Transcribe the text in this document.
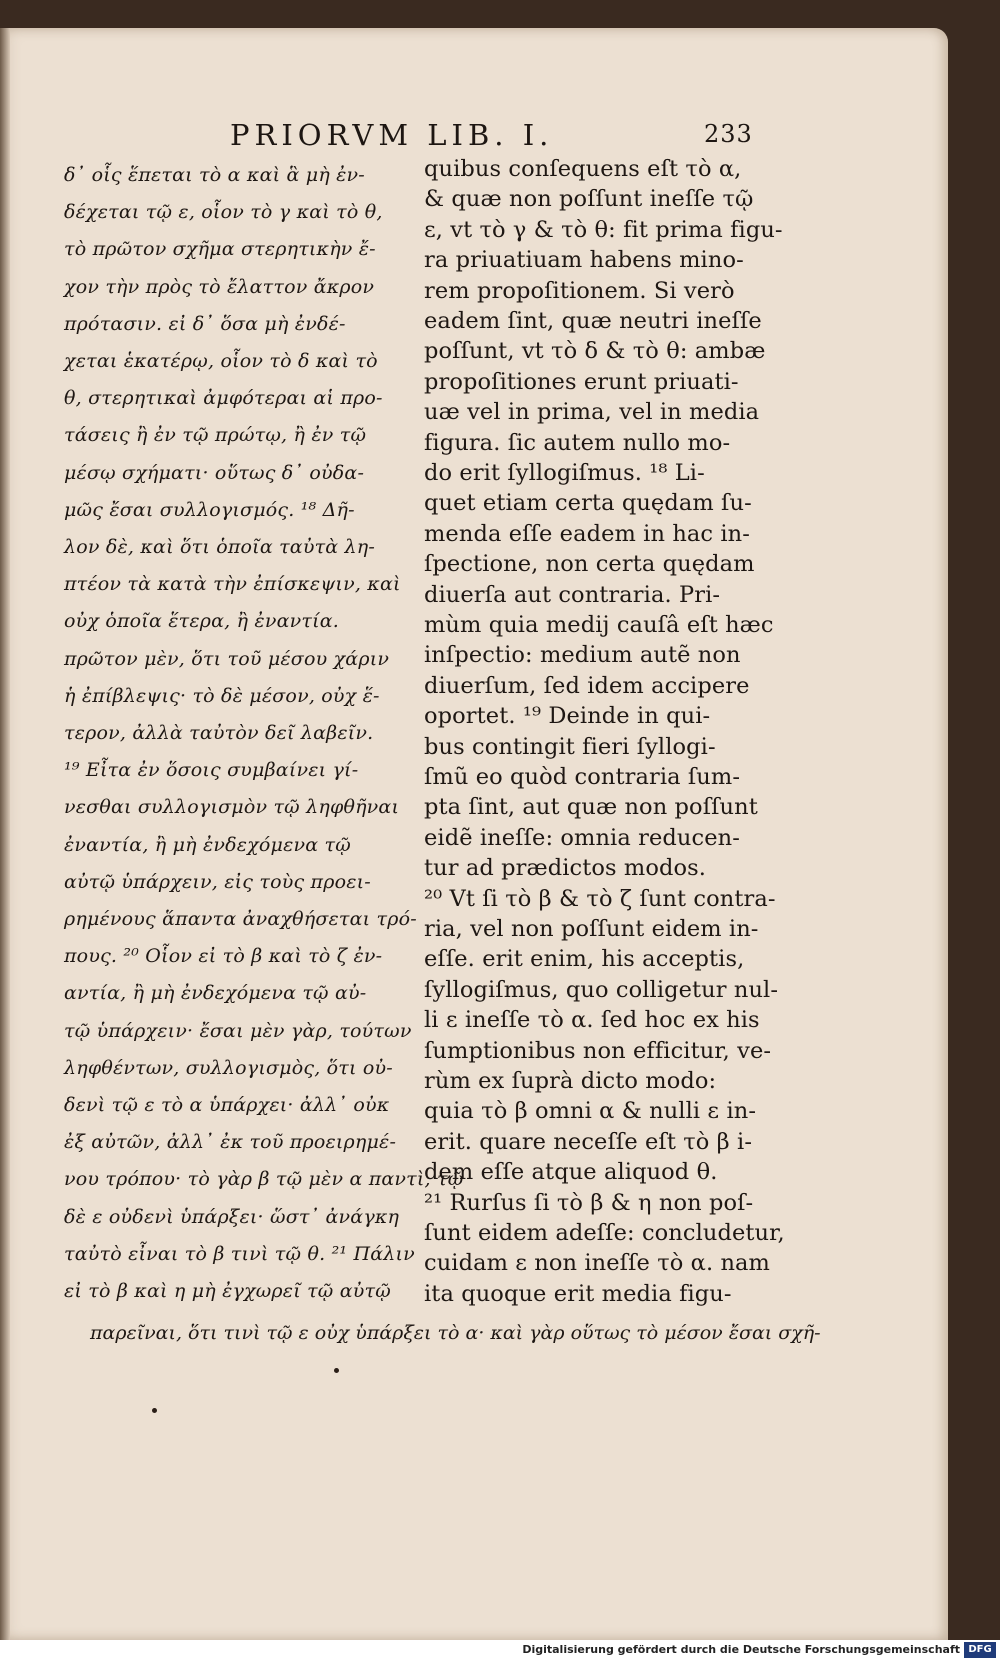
PRIORVM LIB. I.	233
δ᾽ οἷς ἕπεται τὸ α καὶ ἃ μὴ ἐν-
δέχεται τῷ ε, οἷον τὸ γ καὶ τὸ θ,
τὸ πρῶτον σχῆμα στερητικὴν ἔ-
χον τὴν πρὸς τὸ ἔλαττον ἄκρον
πρότασιν. εἰ δ᾽ ὅσα μὴ ἐνδέ-
χεται ἑκατέρῳ, οἷον τὸ δ καὶ τὸ
θ, στερητικαὶ ἀμφότεραι αἱ προ-
τάσεις ἢ ἐν τῷ πρώτῳ, ἢ ἐν τῷ
μέσῳ σχήματι· οὕτως δ᾽ οὐδα-
μῶς ἔσαι συλλογισμός. ¹⁸ Δῆ-
λον δὲ, καὶ ὅτι ὁποῖα ταὐτὰ λη-
πτέον τὰ κατὰ τὴν ἐπίσκεψιν, καὶ
οὐχ ὁποῖα ἕτερα, ἢ ἐναντία.
πρῶτον μὲν, ὅτι τοῦ μέσου χάριν
ἡ ἐπίβλεψις· τὸ δὲ μέσον, οὐχ ἕ-
τερον, ἀλλὰ ταὐτὸν δεῖ λαβεῖν.
¹⁹ Εἶτα ἐν ὅσοις συμβαίνει γί-
νεσθαι συλλογισμὸν τῷ ληφθῆναι
ἐναντία, ἢ μὴ ἐνδεχόμενα τῷ
αὐτῷ ὑπάρχειν, εἰς τοὺς προει-
ρημένους ἅπαντα ἀναχθήσεται τρό-
πους. ²⁰ Οἷον εἰ τὸ β καὶ τὸ ζ ἐν-
αντία, ἢ μὴ ἐνδεχόμενα τῷ αὐ-
τῷ ὑπάρχειν· ἔσαι μὲν γὰρ, τούτων
ληφθέντων, συλλογισμὸς, ὅτι οὐ-
δενὶ τῷ ε τὸ α ὑπάρχει· ἀλλ᾽ οὐκ
ἐξ αὐτῶν, ἀλλ᾽ ἐκ τοῦ προειρημέ-
νου τρόπου· τὸ γὰρ β τῷ μὲν α παντὶ, τῷ
δὲ ε οὐδενὶ ὑπάρξει· ὥστ᾽ ἀνάγκη
ταὐτὸ εἶναι τὸ β τινὶ τῷ θ. ²¹ Πάλιν
εἰ τὸ β καὶ η μὴ ἐγχωρεῖ τῷ αὐτῷ
quibus conſequens eſt τὸ α,
& quæ non poſſunt ineſſe τῷ
ε, vt τὸ γ & τὸ θ: fit prima figu-
ra priuatiuam habens mino-
rem propoſitionem. Si verò
eadem ſint, quæ neutri ineſſe
poſſunt, vt τὸ δ & τὸ θ: ambæ
propoſitiones erunt priuati-
uæ vel in prima, vel in media
figura. ſic autem nullo mo-
do erit ſyllogiſmus. ¹⁸ Li-
quet etiam certa quędam ſu-
menda eſſe eadem in hac in-
ſpectione, non certa quędam
diuerſa aut contraria. Pri-
mùm quia medij cauſâ eſt hæc
inſpectio: medium autẽ non
diuerſum, ſed idem accipere
oportet. ¹⁹ Deinde in qui-
bus contingit fieri ſyllogi-
ſmũ eo quòd contraria ſum-
pta ſint, aut quæ non poſſunt
eidẽ ineſſe: omnia reducen-
tur ad prædictos modos.
²⁰ Vt ſi τὸ β & τὸ ζ ſunt contra-
ria, vel non poſſunt eidem in-
eſſe. erit enim, his acceptis,
ſyllogiſmus, quo colligetur nul-
li ε ineſſe τὸ α. ſed hoc ex his
ſumptionibus non efficitur, ve-
rùm ex ſuprà dicto modo:
quia τὸ β omni α & nulli ε in-
erit. quare neceſſe eſt τὸ β i-
dem eſſe atque aliquod θ.
²¹ Rurſus ſi τὸ β & η non poſ-
ſunt eidem adeſſe: concludetur,
cuidam ε non ineſſe τὸ α. nam
ita quoque erit media figu-
παρεῖναι, ὅτι τινὶ τῷ ε οὐχ ὑπάρξει τὸ α· καὶ γὰρ οὕτως τὸ μέσον ἔσαι σχῆ-
Digitalisierung gefördert durch die Deutsche Forschungsgemeinschaft DFG
